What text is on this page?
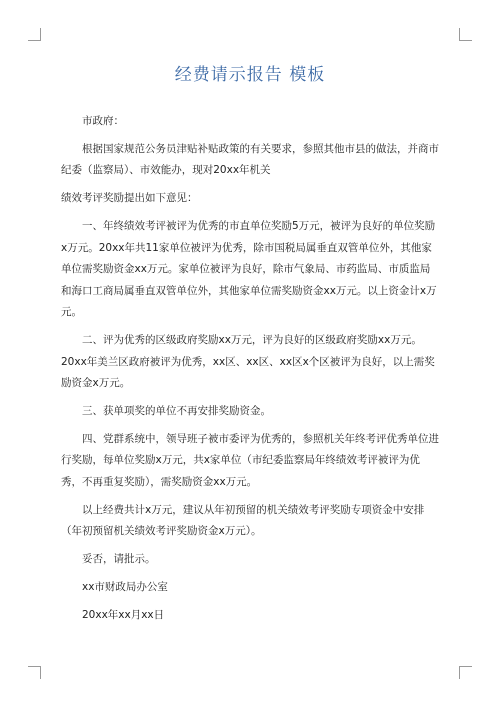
经费请示报告 模板

市政府：

根据国家规范公务员津贴补贴政策的有关要求，参照其他市县的做法，并商市纪委（监察局）、市效能办，现对20xx年机关

绩效考评奖励提出如下意见：

一、年终绩效考评被评为优秀的市直单位奖励5万元，被评为良好的单位奖励x万元。20xx年共11家单位被评为优秀，除市国税局属垂直双管单位外，其他家单位需奖励资金xx万元。家单位被评为良好，除市气象局、市药监局、市质监局和海口工商局属垂直双管单位外，其他家单位需奖励资金xx万元。以上资金计x万元。

二、评为优秀的区级政府奖励xx万元，评为良好的区级政府奖励xx万元。20xx年美兰区政府被评为优秀，xx区、xx区、xx区x个区被评为良好，以上需奖励资金x万元。

三、获单项奖的单位不再安排奖励资金。

四、党群系统中，领导班子被市委评为优秀的，参照机关年终考评优秀单位进行奖励，每单位奖励x万元，共x家单位（市纪委监察局年终绩效考评被评为优秀，不再重复奖励），需奖励资金xx万元。

以上经费共计x万元，建议从年初预留的机关绩效考评奖励专项资金中安排（年初预留机关绩效考评奖励资金x万元）。

妥否，请批示。

xx市财政局办公室

20xx年xx月xx日
